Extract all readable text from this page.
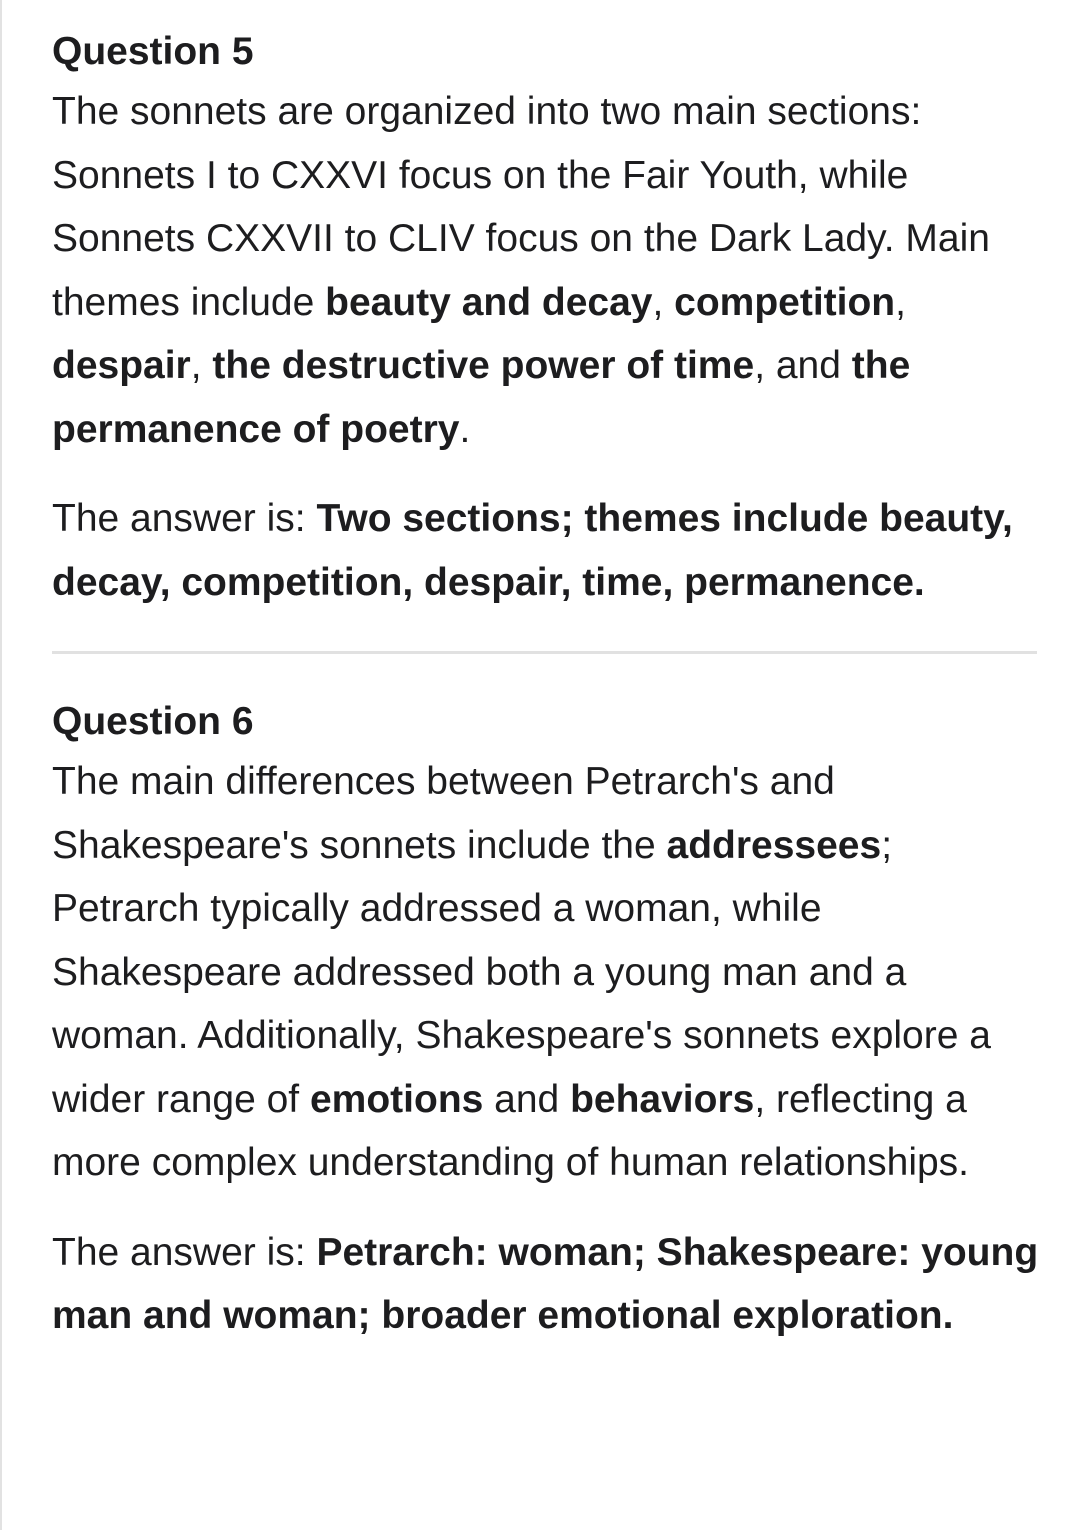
Question 5

The sonnets are organized into two main sections: Sonnets I to CXXVI focus on the Fair Youth, while Sonnets CXXVII to CLIV focus on the Dark Lady. Main themes include beauty and decay, competition, despair, the destructive power of time, and the permanence of poetry.

The answer is: Two sections; themes include beauty, decay, competition, despair, time, permanence.

Question 6

The main differences between Petrarch's and Shakespeare's sonnets include the addressees; Petrarch typically addressed a woman, while Shakespeare addressed both a young man and a woman. Additionally, Shakespeare's sonnets explore a wider range of emotions and behaviors, reflecting a more complex understanding of human relationships.

The answer is: Petrarch: woman; Shakespeare: young man and woman; broader emotional exploration.
